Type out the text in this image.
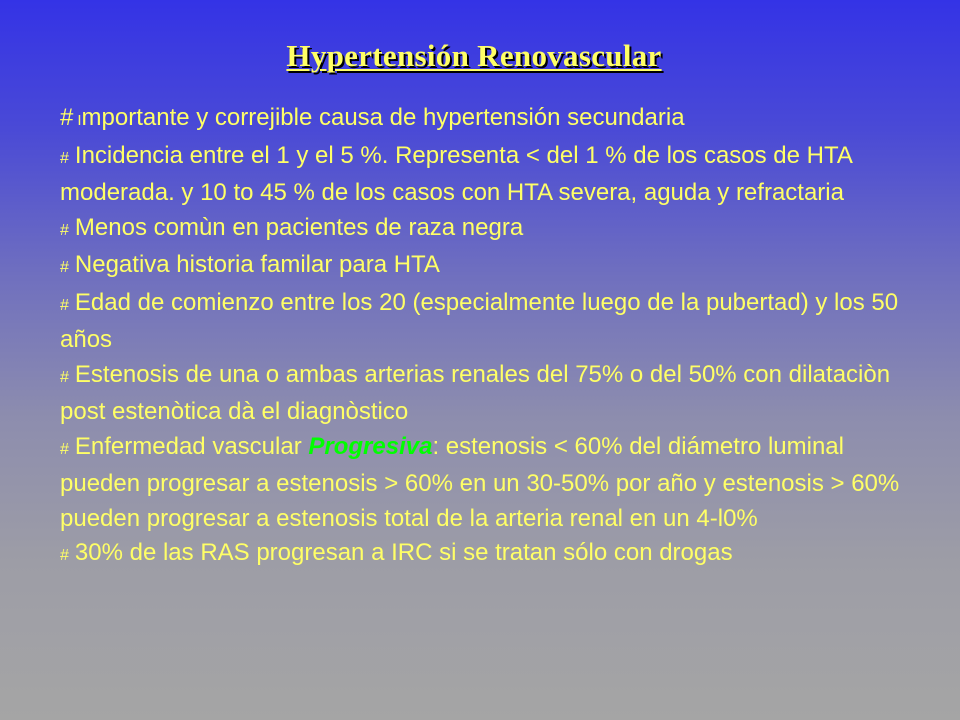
Hypertensión Renovascular

# Importante y correjible causa de hypertensión secundaria

# Incidencia entre el 1 y el 5 %. Representa < del 1 % de los casos de HTA moderada. y 10 to 45 % de los casos con HTA severa, aguda y refractaria

# Menos comùn en pacientes de raza negra

# Negativa historia familar para HTA

# Edad de comienzo entre los 20 (especialmente luego de la pubertad) y los 50 años

# Estenosis de una o ambas arterias renales del 75% o del 50% con dilataciòn post estenòtica dà el diagnòstico

# Enfermedad vascular Progresiva: estenosis < 60% del diámetro luminal pueden progresar a estenosis > 60% en un 30-50% por año y estenosis > 60% pueden progresar a estenosis total de la arteria renal en un 4-l0%

# 30% de las RAS progresan a IRC si se tratan sólo con drogas
